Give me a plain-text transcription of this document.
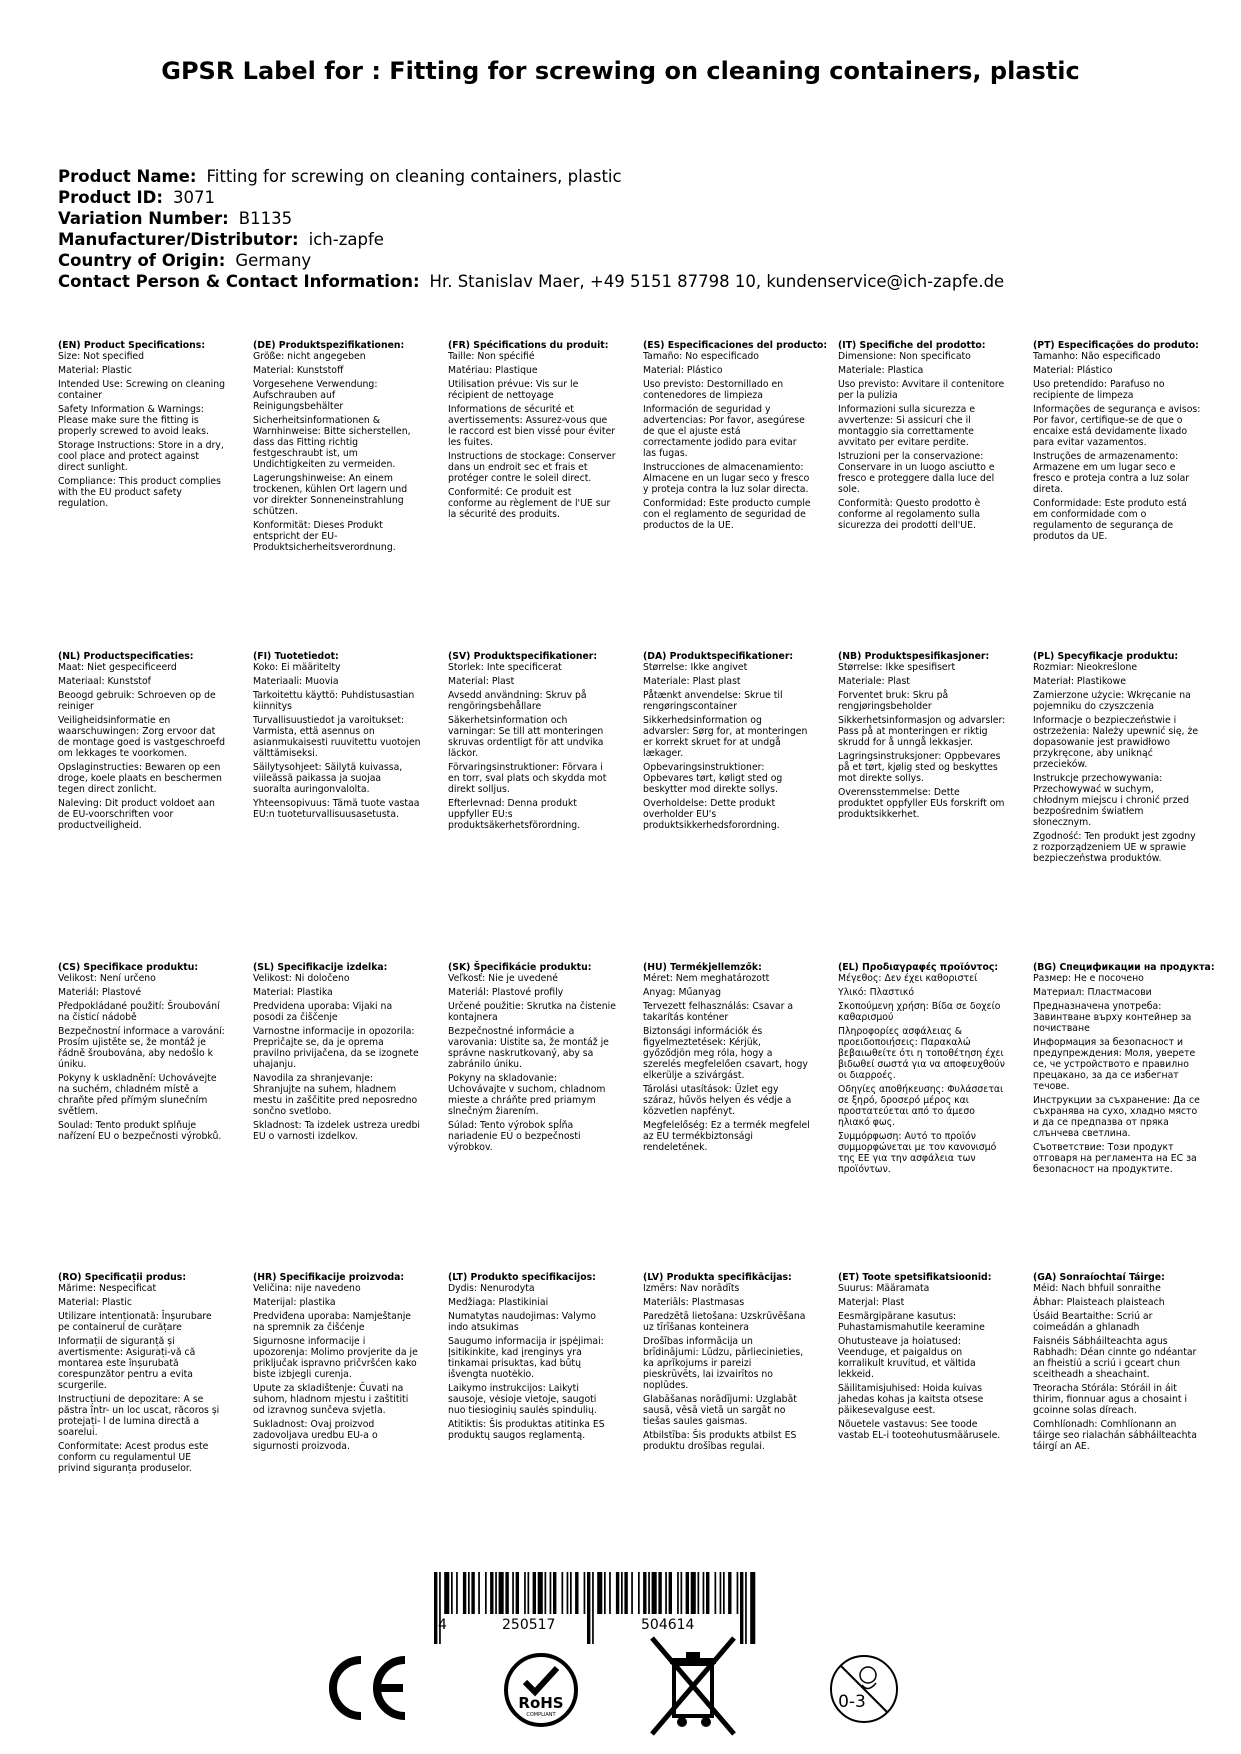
GPSR Label for : Fitting for screwing on cleaning containers, plastic
Product Name: Fitting for screwing on cleaning containers, plastic
Product ID: 3071
Variation Number: B1135
Manufacturer/Distributor: ich-zapfe
Country of Origin: Germany
Contact Person & Contact Information: Hr. Stanislav Maer, +49 5151 87798 10, kundenservice@ich-zapfe.de
(EN) Product Specifications:
Size: Not specified
Material: Plastic
Intended Use: Screwing on cleaning container
Safety Information & Warnings: Please make sure the fitting is properly screwed to avoid leaks.
Storage Instructions: Store in a dry, cool place and protect against direct sunlight.
Compliance: This product complies with the EU product safety regulation.
(DE) Produktspezifikationen:
Größe: nicht angegeben
Material: Kunststoff
Vorgesehene Verwendung: Aufschrauben auf Reinigungsbehälter
Sicherheitsinformationen & Warnhinweise: Bitte sicherstellen, dass das Fitting richtig festgeschraubt ist, um Undichtigkeiten zu vermeiden.
Lagerungshinweise: An einem trockenen, kühlen Ort lagern und vor direkter Sonneneinstrahlung schützen.
Konformität: Dieses Produkt entspricht der EU-Produktsicherheitsverordnung.
(FR) Spécifications du produit:
Taille: Non spécifié
Matériau: Plastique
Utilisation prévue: Vis sur le récipient de nettoyage
Informations de sécurité et avertissements: Assurez-vous que le raccord est bien vissé pour éviter les fuites.
Instructions de stockage: Conserver dans un endroit sec et frais et protéger contre le soleil direct.
Conformité: Ce produit est conforme au règlement de l'UE sur la sécurité des produits.
(ES) Especificaciones del producto:
Tamaño: No especificado
Material: Plástico
Uso previsto: Destornillado en contenedores de limpieza
Información de seguridad y advertencias: Por favor, asegúrese de que el ajuste está correctamente jodido para evitar las fugas.
Instrucciones de almacenamiento: Almacene en un lugar seco y fresco y proteja contra la luz solar directa.
Conformidad: Este producto cumple con el reglamento de seguridad de productos de la UE.
(IT) Specifiche del prodotto:
Dimensione: Non specificato
Materiale: Plastica
Uso previsto: Avvitare il contenitore per la pulizia
Informazioni sulla sicurezza e avvertenze: Si assicuri che il montaggio sia correttamente avvitato per evitare perdite.
Istruzioni per la conservazione: Conservare in un luogo asciutto e fresco e proteggere dalla luce del sole.
Conformità: Questo prodotto è conforme al regolamento sulla sicurezza dei prodotti dell'UE.
(PT) Especificações do produto:
Tamanho: Não especificado
Material: Plástico
Uso pretendido: Parafuso no recipiente de limpeza
Informações de segurança e avisos: Por favor, certifique-se de que o encaixe está devidamente lixado para evitar vazamentos.
Instruções de armazenamento: Armazene em um lugar seco e fresco e proteja contra a luz solar direta.
Conformidade: Este produto está em conformidade com o regulamento de segurança de produtos da UE.
(NL) Productspecificaties:
Maat: Niet gespecificeerd
Materiaal: Kunststof
Beoogd gebruik: Schroeven op de reiniger
Veiligheidsinformatie en waarschuwingen: Zorg ervoor dat de montage goed is vastgeschroefd om lekkages te voorkomen.
Opslaginstructies: Bewaren op een droge, koele plaats en beschermen tegen direct zonlicht.
Naleving: Dit product voldoet aan de EU-voorschriften voor productveiligheid.
(FI) Tuotetiedot:
Koko: Ei määritelty
Materiaali: Muovia
Tarkoitettu käyttö: Puhdistusastian kiinnitys
Turvallisuustiedot ja varoitukset: Varmista, että asennus on asianmukaisesti ruuvitettu vuotojen välttämiseksi.
Säilytysohjeet: Säilytä kuivassa, viileässä paikassa ja suojaa suoralta auringonvalolta.
Yhteensopivuus: Tämä tuote vastaa EU:n tuoteturvallisuusasetusta.
(SV) Produktspecifikationer:
Storlek: Inte specificerat
Material: Plast
Avsedd användning: Skruv på rengöringsbehållare
Säkerhetsinformation och varningar: Se till att monteringen skruvas ordentligt för att undvika läckor.
Förvaringsinstruktioner: Förvara i en torr, sval plats och skydda mot direkt solljus.
Efterlevnad: Denna produkt uppfyller EU:s produktsäkerhetsförordning.
(DA) Produktspecifikationer:
Størrelse: Ikke angivet
Materiale: Plast plast
Påtænkt anvendelse: Skrue til rengøringscontainer
Sikkerhedsinformation og advarsler: Sørg for, at monteringen er korrekt skruet for at undgå lækager.
Opbevaringsinstruktioner: Opbevares tørt, køligt sted og beskytter mod direkte sollys.
Overholdelse: Dette produkt overholder EU's produktsikkerhedsforordning.
(NB) Produktspesifikasjoner:
Størrelse: Ikke spesifisert
Materiale: Plast
Forventet bruk: Skru på rengjøringsbeholder
Sikkerhetsinformasjon og advarsler: Pass på at monteringen er riktig skrudd for å unngå lekkasjer.
Lagringsinstruksjoner: Oppbevares på et tørt, kjølig sted og beskyttes mot direkte sollys.
Overensstemmelse: Dette produktet oppfyller EUs forskrift om produktsikkerhet.
(PL) Specyfikacje produktu:
Rozmiar: Nieokreślone
Materiał: Plastikowe
Zamierzone użycie: Wkręcanie na pojemniku do czyszczenia
Informacje o bezpieczeństwie i ostrzeżenia: Należy upewnić się, że dopasowanie jest prawidłowo przykręcone, aby uniknąć przecieków.
Instrukcje przechowywania: Przechowywać w suchym, chłodnym miejscu i chronić przed bezpośrednim światłem słonecznym.
Zgodność: Ten produkt jest zgodny z rozporządzeniem UE w sprawie bezpieczeństwa produktów.
(CS) Specifikace produktu:
Velikost: Není určeno
Materiál: Plastové
Předpokládané použití: Šroubování na čisticí nádobě
Bezpečnostní informace a varování: Prosím ujistěte se, že montáž je řádně šroubována, aby nedošlo k úniku.
Pokyny k uskladnění: Uchovávejte na suchém, chladném místě a chraňte před přímým slunečním světlem.
Soulad: Tento produkt splňuje nařízení EU o bezpečnosti výrobků.
(SL) Specifikacije izdelka:
Velikost: Ni določeno
Material: Plastika
Predvidena uporaba: Vijaki na posodi za čiščenje
Varnostne informacije in opozorila: Prepričajte se, da je oprema pravilno privijačena, da se izognete uhajanju.
Navodila za shranjevanje: Shranjujte na suhem, hladnem mestu in zaščitite pred neposredno sončno svetlobo.
Skladnost: Ta izdelek ustreza uredbi EU o varnosti izdelkov.
(SK) Špecifikácie produktu:
Veľkosť: Nie je uvedené
Materiál: Plastové profily
Určené použitie: Skrutka na čistenie kontajnera
Bezpečnostné informácie a varovania: Uistite sa, že montáž je správne naskrutkovaný, aby sa zabránilo úniku.
Pokyny na skladovanie: Uchovávajte v suchom, chladnom mieste a chráňte pred priamym slnečným žiarením.
Súlad: Tento výrobok spĺňa nariadenie EÚ o bezpečnosti výrobkov.
(HU) Termékjellemzők:
Méret: Nem meghatározott
Anyag: Műanyag
Tervezett felhasználás: Csavar a takarítás konténer
Biztonsági információk és figyelmeztetések: Kérjük, győződjön meg róla, hogy a szerelés megfelelően csavart, hogy elkerülje a szivárgást.
Tárolási utasítások: Üzlet egy száraz, hűvös helyen és védje a közvetlen napfényt.
Megfelelőség: Ez a termék megfelel az EU termékbiztonsági rendeletének.
(EL) Προδιαγραφές προϊόντος:
Μέγεθος: Δεν έχει καθοριστεί
Υλικό: Πλαστικό
Σκοπούμενη χρήση: Βίδα σε δοχείο καθαρισμού
Πληροφορίες ασφάλειας & προειδοποιήσεις: Παρακαλώ βεβαιωθείτε ότι η τοποθέτηση έχει βιδωθεί σωστά για να αποφευχθούν οι διαρροές.
Οδηγίες αποθήκευσης: Φυλάσσεται σε ξηρό, δροσερό μέρος και προστατεύεται από το άμεσο ηλιακό φως.
Συμμόρφωση: Αυτό το προϊόν συμμορφώνεται με τον κανονισμό της ΕΕ για την ασφάλεια των προϊόντων.
(BG) Спецификации на продукта:
Размер: Не е посочено
Материал: Пластмасови
Предназначена употреба: Завинтване върху контейнер за почистване
Информация за безопасност и предупреждения: Моля, уверете се, че устройството е правилно прецакано, за да се избегнат течове.
Инструкции за съхранение: Да се съхранява на сухо, хладно място и да се предпазва от пряка слънчева светлина.
Съответствие: Този продукт отговаря на регламента на ЕС за безопасност на продуктите.
(RO) Specificații produs:
Mărime: Nespecificat
Material: Plastic
Utilizare intenționată: Înșurubare pe containerul de curățare
Informații de siguranță și avertismente: Asigurați-vă că montarea este înșurubată corespunzător pentru a evita scurgerile.
Instrucțiuni de depozitare: A se păstra într- un loc uscat, răcoros și protejați- l de lumina directă a soarelui.
Conformitate: Acest produs este conform cu regulamentul UE privind siguranța produselor.
(HR) Specifikacije proizvoda:
Veličina: nije navedeno
Materijal: plastika
Predviđena uporaba: Namještanje na spremnik za čišćenje
Sigurnosne informacije i upozorenja: Molimo provjerite da je priključak ispravno pričvršćen kako biste izbjegli curenja.
Upute za skladištenje: Čuvati na suhom, hladnom mjestu i zaštititi od izravnog sunčeva svjetla.
Sukladnost: Ovaj proizvod zadovoljava uredbu EU-a o sigurnosti proizvoda.
(LT) Produkto specifikacijos:
Dydis: Nenurodyta
Medžiaga: Plastikiniai
Numatytas naudojimas: Valymo indo atsukimas
Saugumo informacija ir įspėjimai: Įsitikinkite, kad įrenginys yra tinkamai prisuktas, kad būtų išvengta nuotėkio.
Laikymo instrukcijos: Laikyti sausoje, vėsioje vietoje, saugoti nuo tiesioginių saulės spindulių.
Atitiktis: Šis produktas atitinka ES produktų saugos reglamentą.
(LV) Produkta specifikācijas:
Izmērs: Nav norādīts
Materiāls: Plastmasas
Paredzētā lietošana: Uzskrūvēšana uz tīrīšanas konteinera
Drošības informācija un brīdinājumi: Lūdzu, pārliecinieties, ka aprīkojums ir pareizi pieskrūvēts, lai izvairītos no noplūdes.
Glabāšanas norādījumi: Uzglabāt sausā, vēsā vietā un sargāt no tiešas saules gaismas.
Atbilstība: Šis produkts atbilst ES produktu drošības regulai.
(ET) Toote spetsifikatsioonid:
Suurus: Määramata
Materjal: Plast
Eesmärgipärane kasutus: Puhastamismahutile keeramine
Ohutusteave ja hoiatused: Veenduge, et paigaldus on korralikult kruvitud, et vältida lekkeid.
Säilitamisjuhised: Hoida kuivas jahedas kohas ja kaitsta otsese päikesevalguse eest.
Nõuetele vastavus: See toode vastab EL-i tooteohutusmäärusele.
(GA) Sonraíochtaí Táirge:
Méid: Nach bhfuil sonraithe
Ábhar: Plaisteach plaisteach
Úsáid Beartaithe: Scriú ar coimeádán a ghlanadh
Faisnéis Sábháilteachta agus Rabhadh: Déan cinnte go ndéantar an fheistiú a scriú i gceart chun sceitheadh a sheachaint.
Treoracha Stórála: Stóráil in áit thirim, fionnuar agus a chosaint i gcoinne solas díreach.
Comhlíonadh: Comhlíonann an táirge seo rialachán sábháilteachta táirgí an AE.
4	250517	504614
RoHS
COMPLIANT
0-3
